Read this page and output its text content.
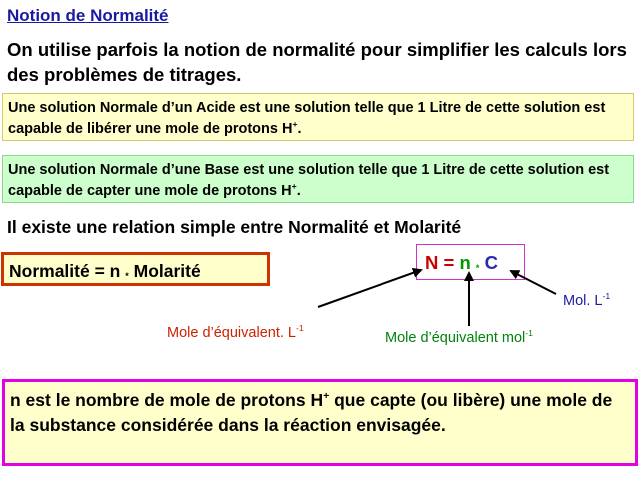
Notion de Normalité
On utilise parfois la notion de normalité pour simplifier les calculs lors des problèmes de titrages.
Une solution Normale d’un Acide est une solution telle que 1 Litre de cette solution est capable de libérer une mole de protons H+.
Une solution Normale d’une Base est une solution telle que 1 Litre de cette solution est capable de capter une mole de protons H+.
Il existe une relation simple entre Normalité et Molarité
Normalité = n * Molarité	N = n * C
Mole d’équivalent. $L^{-1}$
Mole d’équivalent mol$^{-1}$
Mol. $L^{-1}$
n est le nombre de mole de protons H+ que capte (ou libère) une mole de la substance considérée dans la réaction envisagée.
